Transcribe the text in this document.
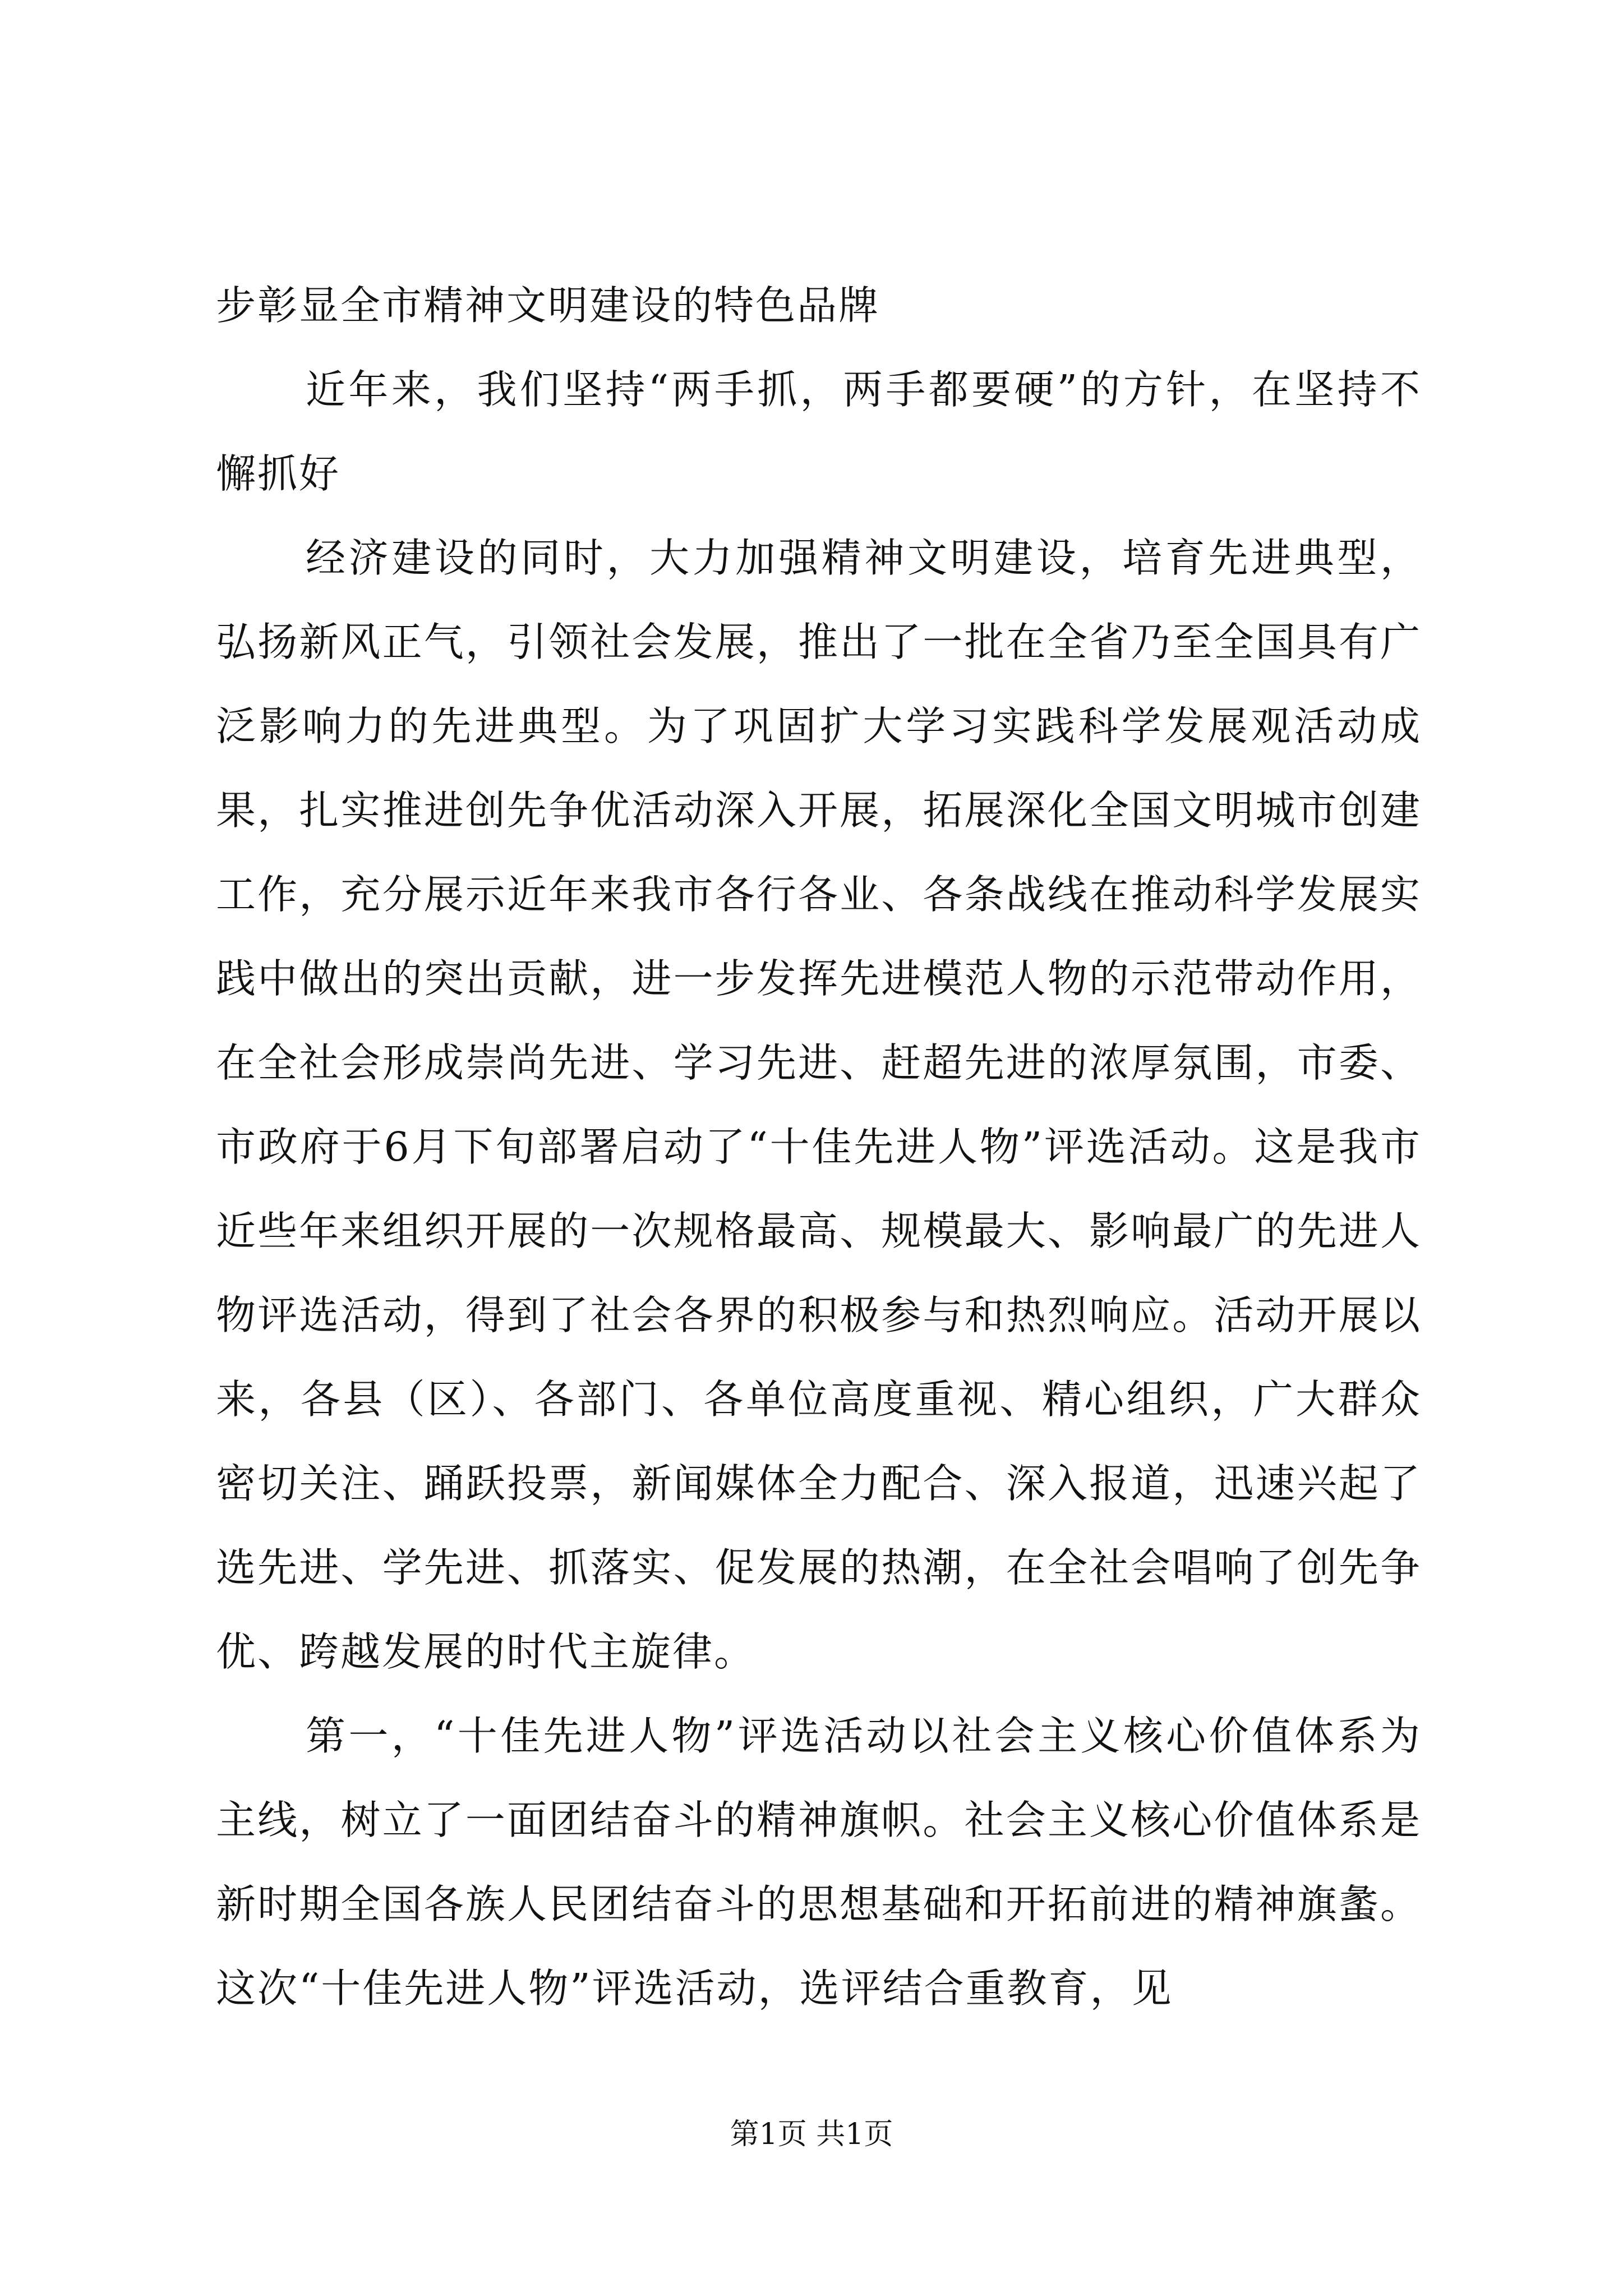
步彰显全市精神文明建设的特色品牌

近年来，我们坚持“两手抓，两手都要硬”的方针，在坚持不懈抓好

经济建设的同时，大力加强精神文明建设，培育先进典型，弘扬新风正气，引领社会发展，推出了一批在全省乃至全国具有广泛影响力的先进典型。为了巩固扩大学习实践科学发展观活动成果，扎实推进创先争优活动深入开展，拓展深化全国文明城市创建工作，充分展示近年来我市各行各业、各条战线在推动科学发展实践中做出的突出贡献，进一步发挥先进模范人物的示范带动作用，在全社会形成崇尚先进、学习先进、赶超先进的浓厚氛围，市委、市政府于6月下旬部署启动了“十佳先进人物”评选活动。这是我市近些年来组织开展的一次规格最高、规模最大、影响最广的先进人物评选活动，得到了社会各界的积极参与和热烈响应。活动开展以来，各县（区）、各部门、各单位高度重视、精心组织，广大群众密切关注、踊跃投票，新闻媒体全力配合、深入报道，迅速兴起了选先进、学先进、抓落实、促发展的热潮，在全社会唱响了创先争优、跨越发展的时代主旋律。

第一，“十佳先进人物”评选活动以社会主义核心价值体系为主线，树立了一面团结奋斗的精神旗帜。社会主义核心价值体系是新时期全国各族人民团结奋斗的思想基础和开拓前进的精神旗䗍。这次“十佳先进人物”评选活动，选评结合重教育，见

第1页 共1页
